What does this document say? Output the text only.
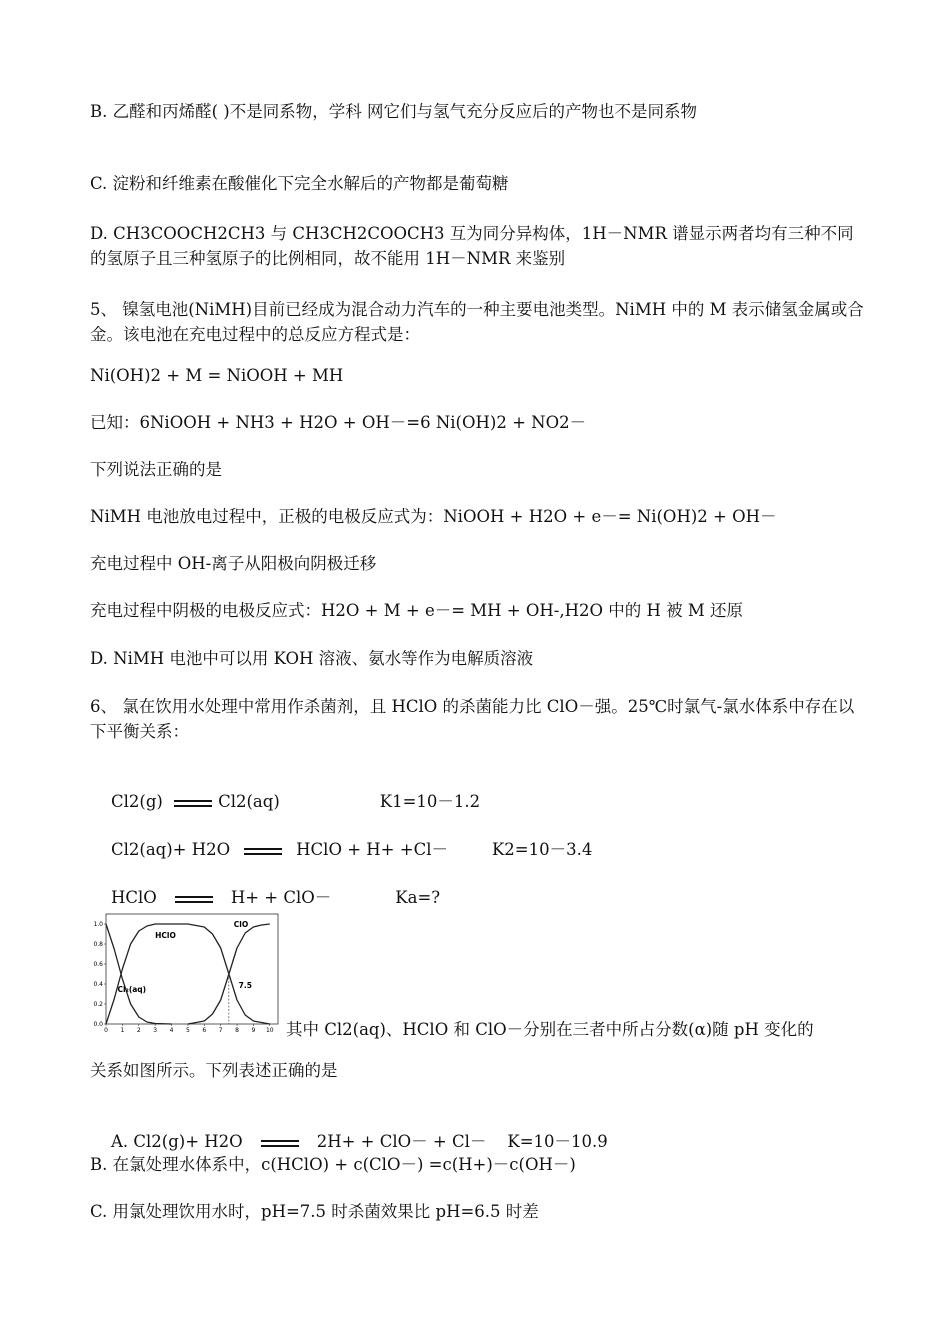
B. 乙醛和丙烯醛( )不是同系物，学科 网它们与氢气充分反应后的产物也不是同系物
C. 淀粉和纤维素在酸催化下完全水解后的产物都是葡萄糖
D. CH3COOCH2CH3 与 CH3CH2COOCH3 互为同分异构体，1H－NMR 谱显示两者均有三种不同的氢原子且三种氢原子的比例相同，故不能用 1H－NMR 来鉴别
5、 镍氢电池(NiMH)目前已经成为混合动力汽车的一种主要电池类型。NiMH 中的 M 表示储氢金属或合金。该电池在充电过程中的总反应方程式是：
Ni(OH)2 + M = NiOOH + MH
已知：6NiOOH + NH3 + H2O + OH－=6 Ni(OH)2 + NO2－
下列说法正确的是
NiMH 电池放电过程中，正极的电极反应式为：NiOOH + H2O + e－= Ni(OH)2 + OH－
充电过程中 OH-离子从阳极向阴极迁移
充电过程中阴极的电极反应式：H2O + M + e－= MH + OH-,H2O 中的 H 被 M 还原
D. NiMH 电池中可以用 KOH 溶液、氨水等作为电解质溶液
6、 氯在饮用水处理中常用作杀菌剂，且 HClO 的杀菌能力比 ClO－强。25℃时氯气-氯水体系中存在以下平衡关系：

Cl2(g)	Cl2(aq)	K1=10－1.2

Cl2(aq)+ H2O	HClO + H+ +Cl－	K2=10－3.4

HClO	H+ + ClO－	Ka=?

0 1 2 3 4 5 6 7 8 9 10
0.0
0.2
0.4
0.6
0.8
1.0
HClO
ClO
Cl₂(aq)	7.5
其中 Cl2(aq)、HClO 和 ClO－分别在三者中所占分数(α)随 pH 变化的
关系如图所示。下列表述正确的是

A. Cl2(g)+ H2O	2H+ + ClO－ + Cl－    K=10－10.9

B. 在氯处理水体系中，c(HClO) + c(ClO－) =c(H+)－c(OH－)
C. 用氯处理饮用水时，pH=7.5 时杀菌效果比 pH=6.5 时差
